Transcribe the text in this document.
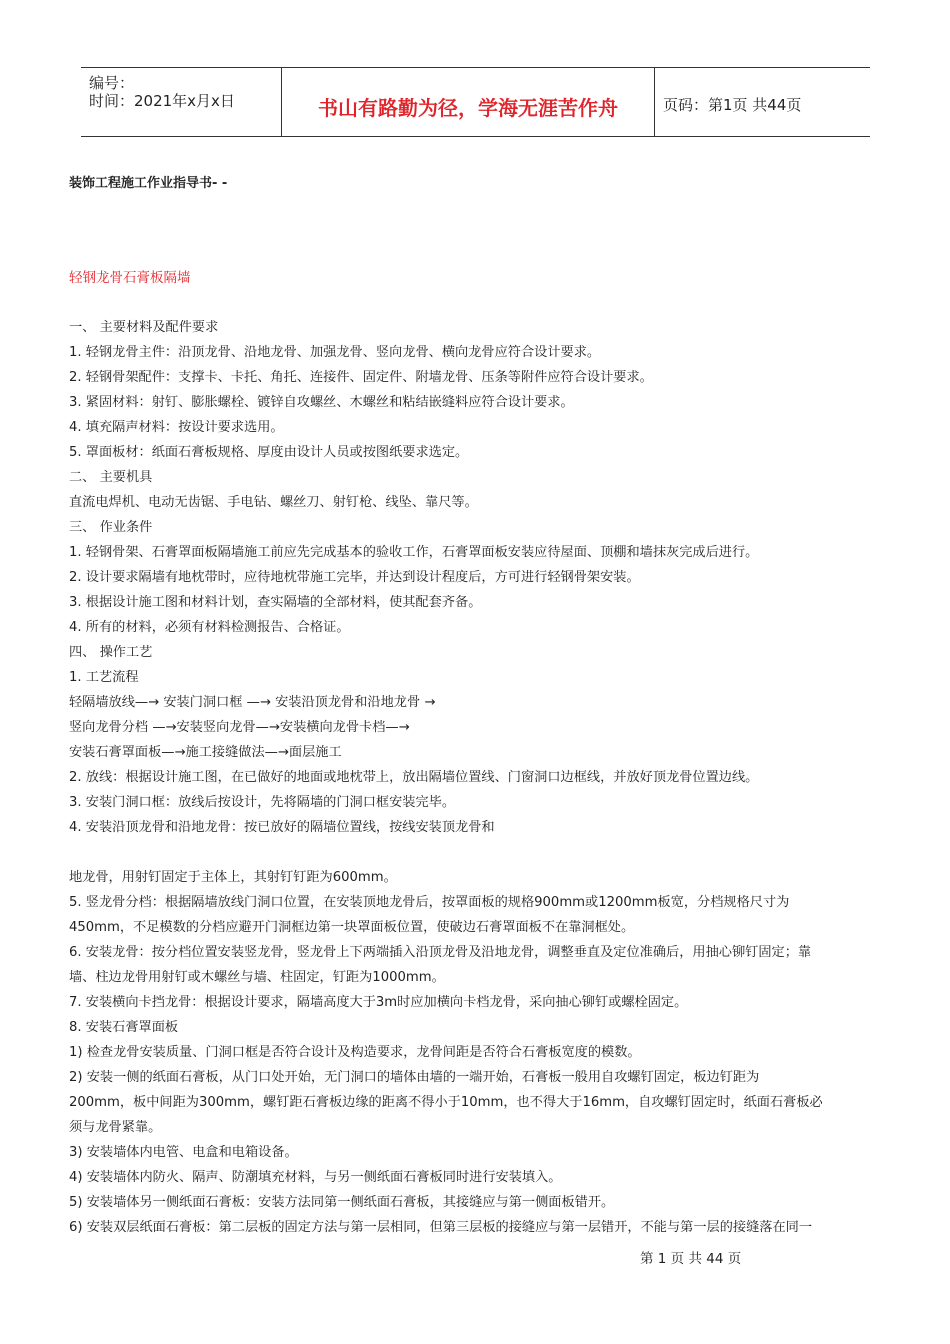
编号：
时间：2021年x月x日	书山有路勤为径，学海无涯苦作舟	页码：第1页 共44页
装饰工程施工作业指导书- -
轻钢龙骨石膏板隔墙
一、 主要材料及配件要求
1. 轻钢龙骨主件：沿顶龙骨、沿地龙骨、加强龙骨、竖向龙骨、横向龙骨应符合设计要求。
2. 轻钢骨架配件：支撑卡、卡托、角托、连接件、固定件、附墙龙骨、压条等附件应符合设计要求。
3. 紧固材料：射钉、膨胀螺栓、镀锌自攻螺丝、木螺丝和粘结嵌缝料应符合设计要求。
4. 填充隔声材料：按设计要求选用。
5. 罩面板材：纸面石膏板规格、厚度由设计人员或按图纸要求选定。
二、 主要机具
直流电焊机、电动无齿锯、手电钻、螺丝刀、射钉枪、线坠、靠尺等。
三、 作业条件
1. 轻钢骨架、石膏罩面板隔墙施工前应先完成基本的验收工作，石膏罩面板安装应待屋面、顶棚和墙抹灰完成后进行。
2. 设计要求隔墙有地枕带时，应待地枕带施工完毕，并达到设计程度后，方可进行轻钢骨架安装。
3. 根据设计施工图和材料计划，查实隔墙的全部材料，使其配套齐备。
4. 所有的材料，必须有材料检测报告、合格证。
四、 操作工艺
1. 工艺流程
轻隔墙放线—→ 安装门洞口框 —→ 安装沿顶龙骨和沿地龙骨 →
竖向龙骨分档 —→安装竖向龙骨—→安装横向龙骨卡档—→
安装石膏罩面板—→施工接缝做法—→面层施工
2. 放线：根据设计施工图，在已做好的地面或地枕带上，放出隔墙位置线、门窗洞口边框线，并放好顶龙骨位置边线。
3. 安装门洞口框：放线后按设计，先将隔墙的门洞口框安装完毕。
4. 安装沿顶龙骨和沿地龙骨：按已放好的隔墙位置线，按线安装顶龙骨和
地龙骨，用射钉固定于主体上，其射钉钉距为600mm。
5. 竖龙骨分档：根据隔墙放线门洞口位置，在安装顶地龙骨后，按罩面板的规格900mm或1200mm板宽，分档规格尺寸为
450mm，不足模数的分档应避开门洞框边第一块罩面板位置，使破边石膏罩面板不在靠洞框处。
6. 安装龙骨：按分档位置安装竖龙骨，竖龙骨上下两端插入沿顶龙骨及沿地龙骨，调整垂直及定位准确后，用抽心铆钉固定；靠
墙、柱边龙骨用射钉或木螺丝与墙、柱固定，钉距为1000mm。
7. 安装横向卡挡龙骨：根据设计要求，隔墙高度大于3m时应加横向卡档龙骨，采向抽心铆钉或螺栓固定。
8. 安装石膏罩面板
1) 检查龙骨安装质量、门洞口框是否符合设计及构造要求，龙骨间距是否符合石膏板宽度的模数。
2) 安装一侧的纸面石膏板，从门口处开始，无门洞口的墙体由墙的一端开始，石膏板一般用自攻螺钉固定，板边钉距为
200mm，板中间距为300mm，螺钉距石膏板边缘的距离不得小于10mm，也不得大于16mm，自攻螺钉固定时，纸面石膏板必
须与龙骨紧靠。
3) 安装墙体内电管、电盒和电箱设备。
4) 安装墙体内防火、隔声、防潮填充材料，与另一侧纸面石膏板同时进行安装填入。
5) 安装墙体另一侧纸面石膏板：安装方法同第一侧纸面石膏板，其接缝应与第一侧面板错开。
6) 安装双层纸面石膏板：第二层板的固定方法与第一层相同，但第三层板的接缝应与第一层错开，不能与第一层的接缝落在同一
第 1 页 共 44 页
